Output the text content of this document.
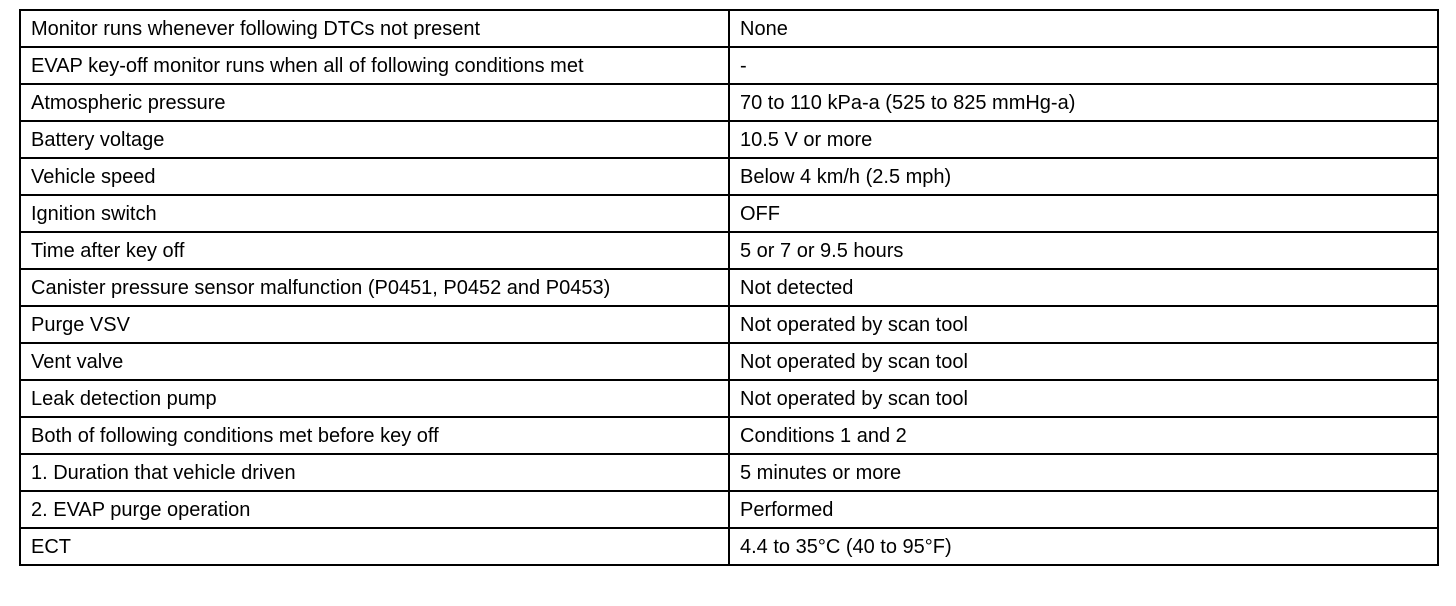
Monitor runs whenever following DTCs not present	None
EVAP key-off monitor runs when all of following conditions met	-
Atmospheric pressure	70 to 110 kPa-a (525 to 825 mmHg-a)
Battery voltage	10.5 V or more
Vehicle speed	Below 4 km/h (2.5 mph)
Ignition switch	OFF
Time after key off	5 or 7 or 9.5 hours
Canister pressure sensor malfunction (P0451, P0452 and P0453)	Not detected
Purge VSV	Not operated by scan tool
Vent valve	Not operated by scan tool
Leak detection pump	Not operated by scan tool
Both of following conditions met before key off	Conditions 1 and 2
1. Duration that vehicle driven	5 minutes or more
2. EVAP purge operation	Performed
ECT	4.4 to 35°C (40 to 95°F)
